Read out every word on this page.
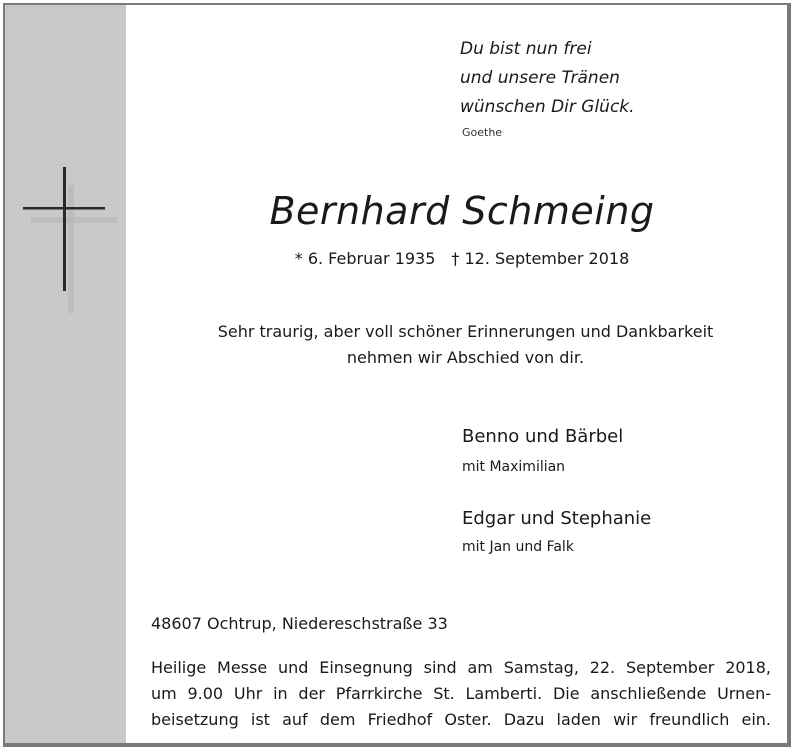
Du bist nun frei
und unsere Tränen
wünschen Dir Glück.
Goethe
Bernhard Schmeing
* 6. Februar 1935 † 12. September 2018
Sehr traurig, aber voll schöner Erinnerungen und Dankbarkeit
nehmen wir Abschied von dir.
Benno und Bärbel
mit Maximilian
Edgar und Stephanie
mit Jan und Falk
48607 Ochtrup, Niedereschstraße 33
Heilige Messe und Einsegnung sind am Samstag, 22. September 2018,
um 9.00 Uhr in der Pfarrkirche St. Lamberti. Die anschließende Urnen-
beisetzung ist auf dem Friedhof Oster. Dazu laden wir freundlich ein.
